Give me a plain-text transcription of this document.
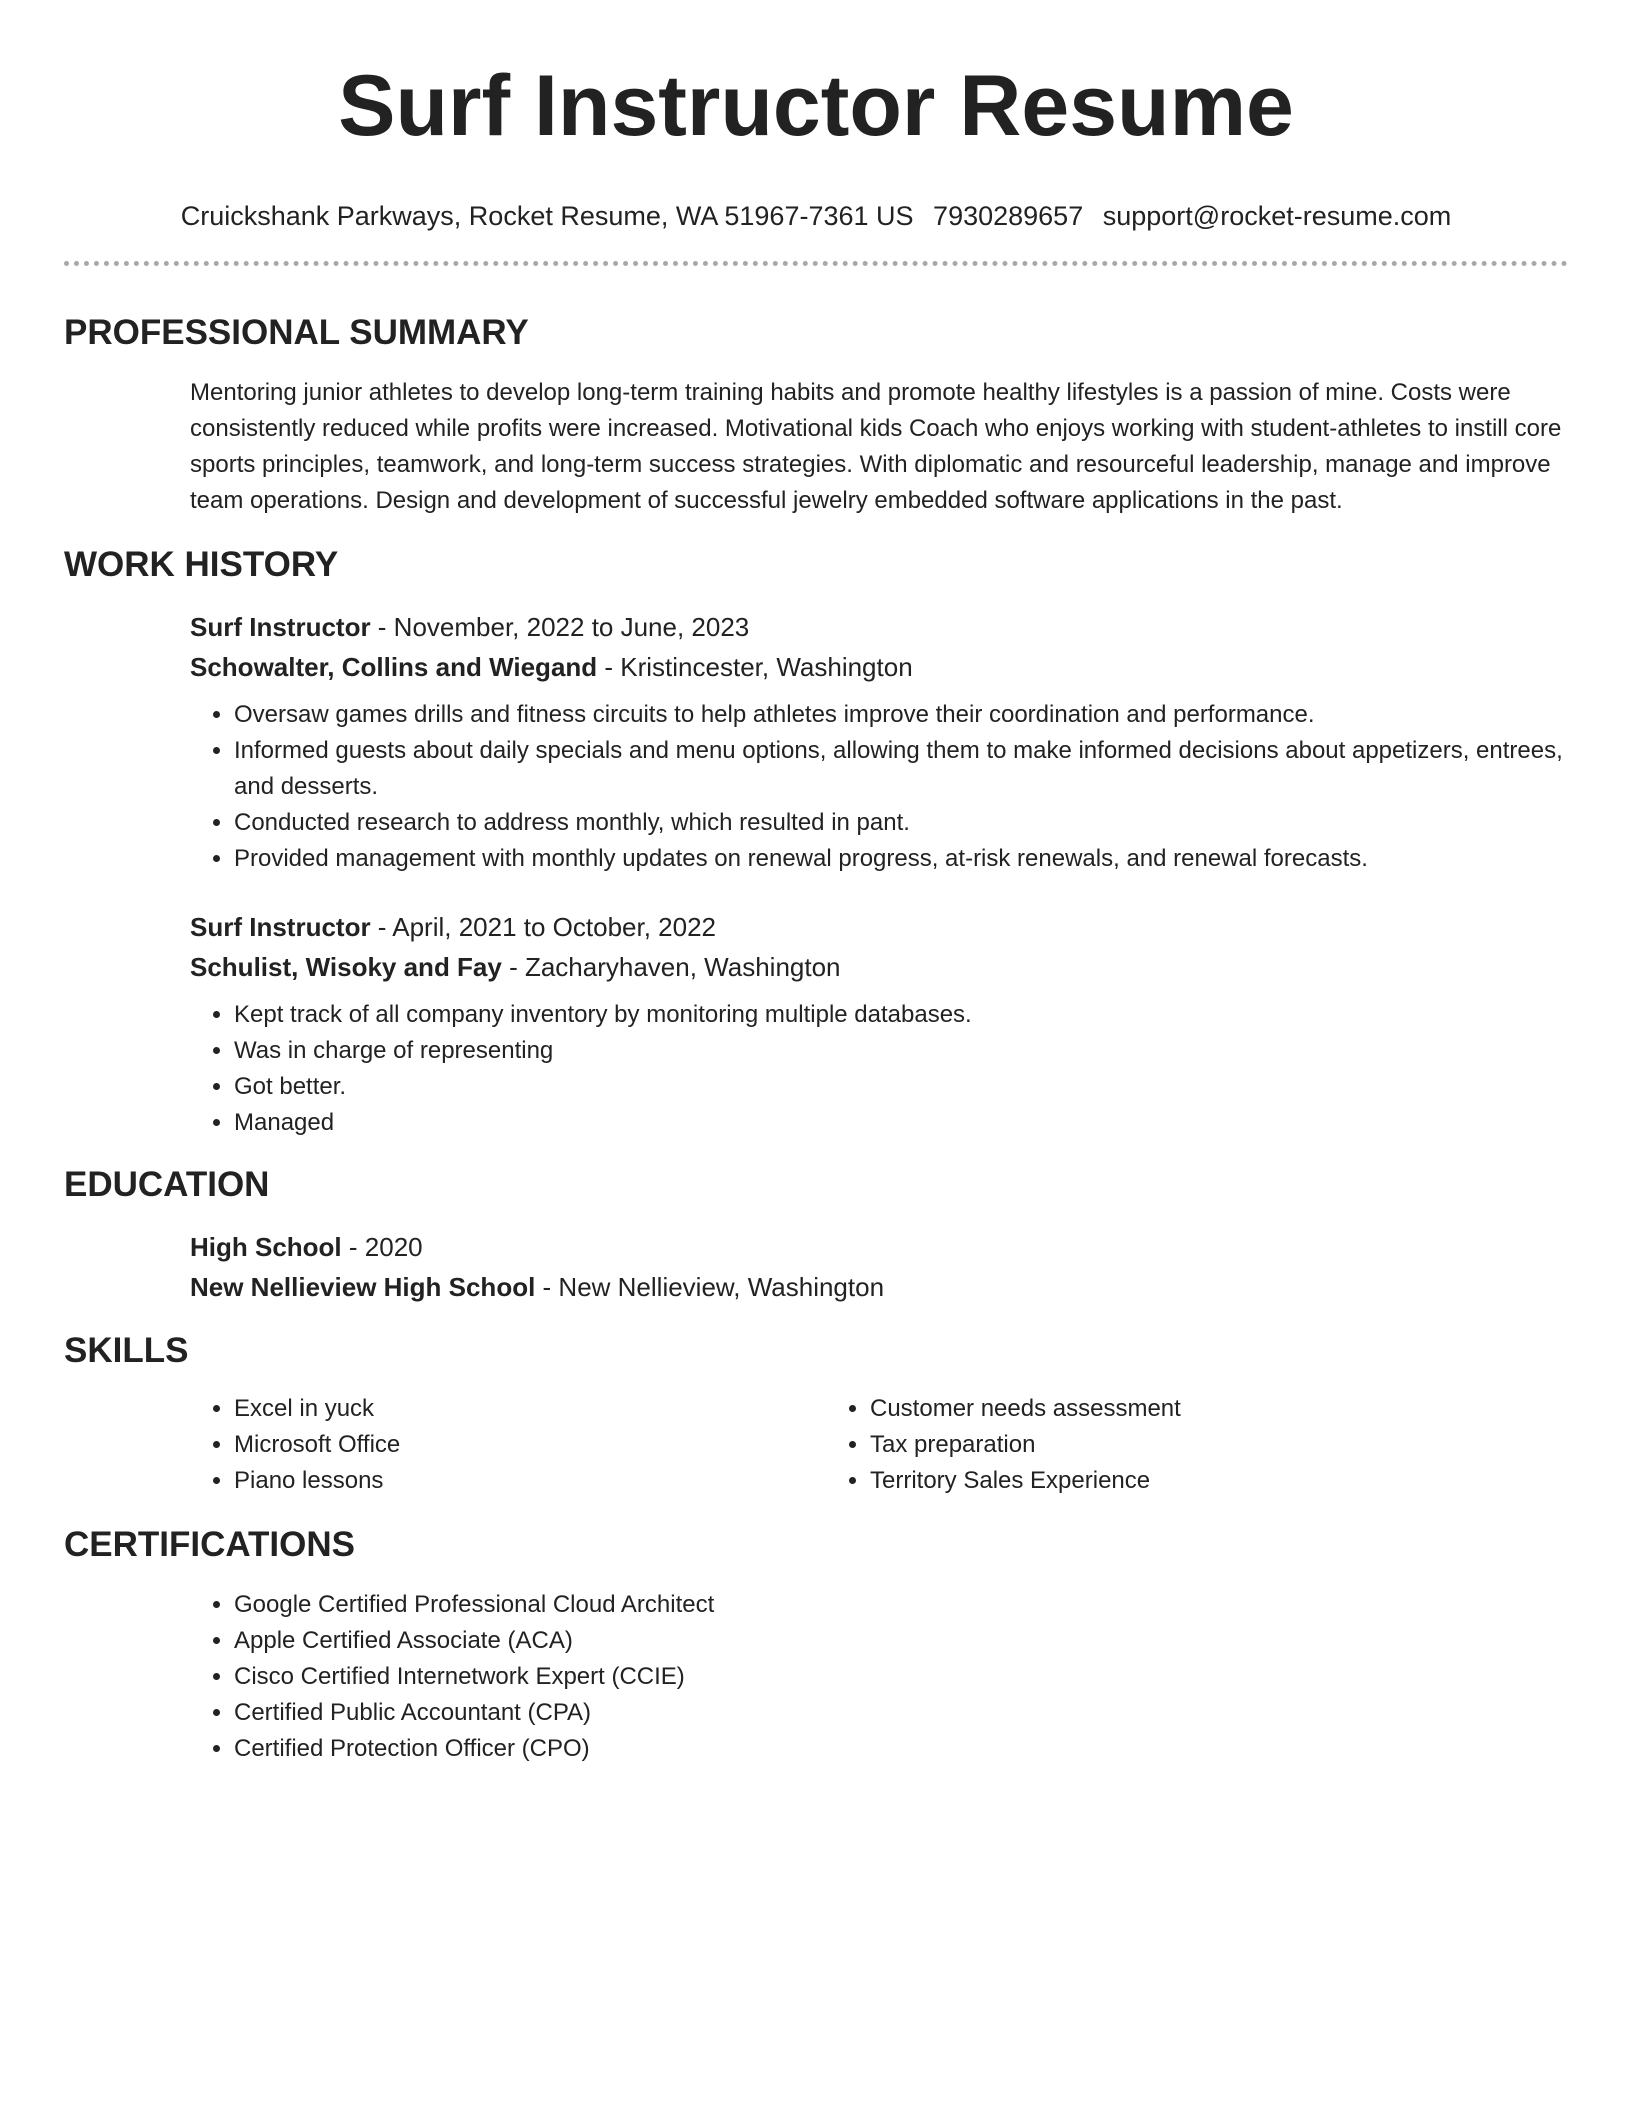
Surf Instructor Resume
Cruickshank Parkways, Rocket Resume, WA 51967-7361 US 7930289657 support@rocket-resume.com
PROFESSIONAL SUMMARY

Mentoring junior athletes to develop long-term training habits and promote healthy lifestyles is a passion of mine. Costs were consistently reduced while profits were increased. Motivational kids Coach who enjoys working with student-athletes to instill core sports principles, teamwork, and long-term success strategies. With diplomatic and resourceful leadership, manage and improve team operations. Design and development of successful jewelry embedded software applications in the past.

WORK HISTORY
Surf Instructor - November, 2022 to June, 2023
Schowalter, Collins and Wiegand - Kristincester, Washington
• Oversaw games drills and fitness circuits to help athletes improve their coordination and performance.
• Informed guests about daily specials and menu options, allowing them to make informed decisions about appetizers, entrees, and desserts.
• Conducted research to address monthly, which resulted in pant.
• Provided management with monthly updates on renewal progress, at-risk renewals, and renewal forecasts.
Surf Instructor - April, 2021 to October, 2022
Schulist, Wisoky and Fay - Zacharyhaven, Washington
• Kept track of all company inventory by monitoring multiple databases.
• Was in charge of representing
• Got better.
• Managed
EDUCATION
High School - 2020
New Nellieview High School - New Nellieview, Washington
SKILLS
• Excel in yuck
• Microsoft Office
• Piano lessons
• Customer needs assessment
• Tax preparation
• Territory Sales Experience
CERTIFICATIONS
• Google Certified Professional Cloud Architect
• Apple Certified Associate (ACA)
• Cisco Certified Internetwork Expert (CCIE)
• Certified Public Accountant (CPA)
• Certified Protection Officer (CPO)
